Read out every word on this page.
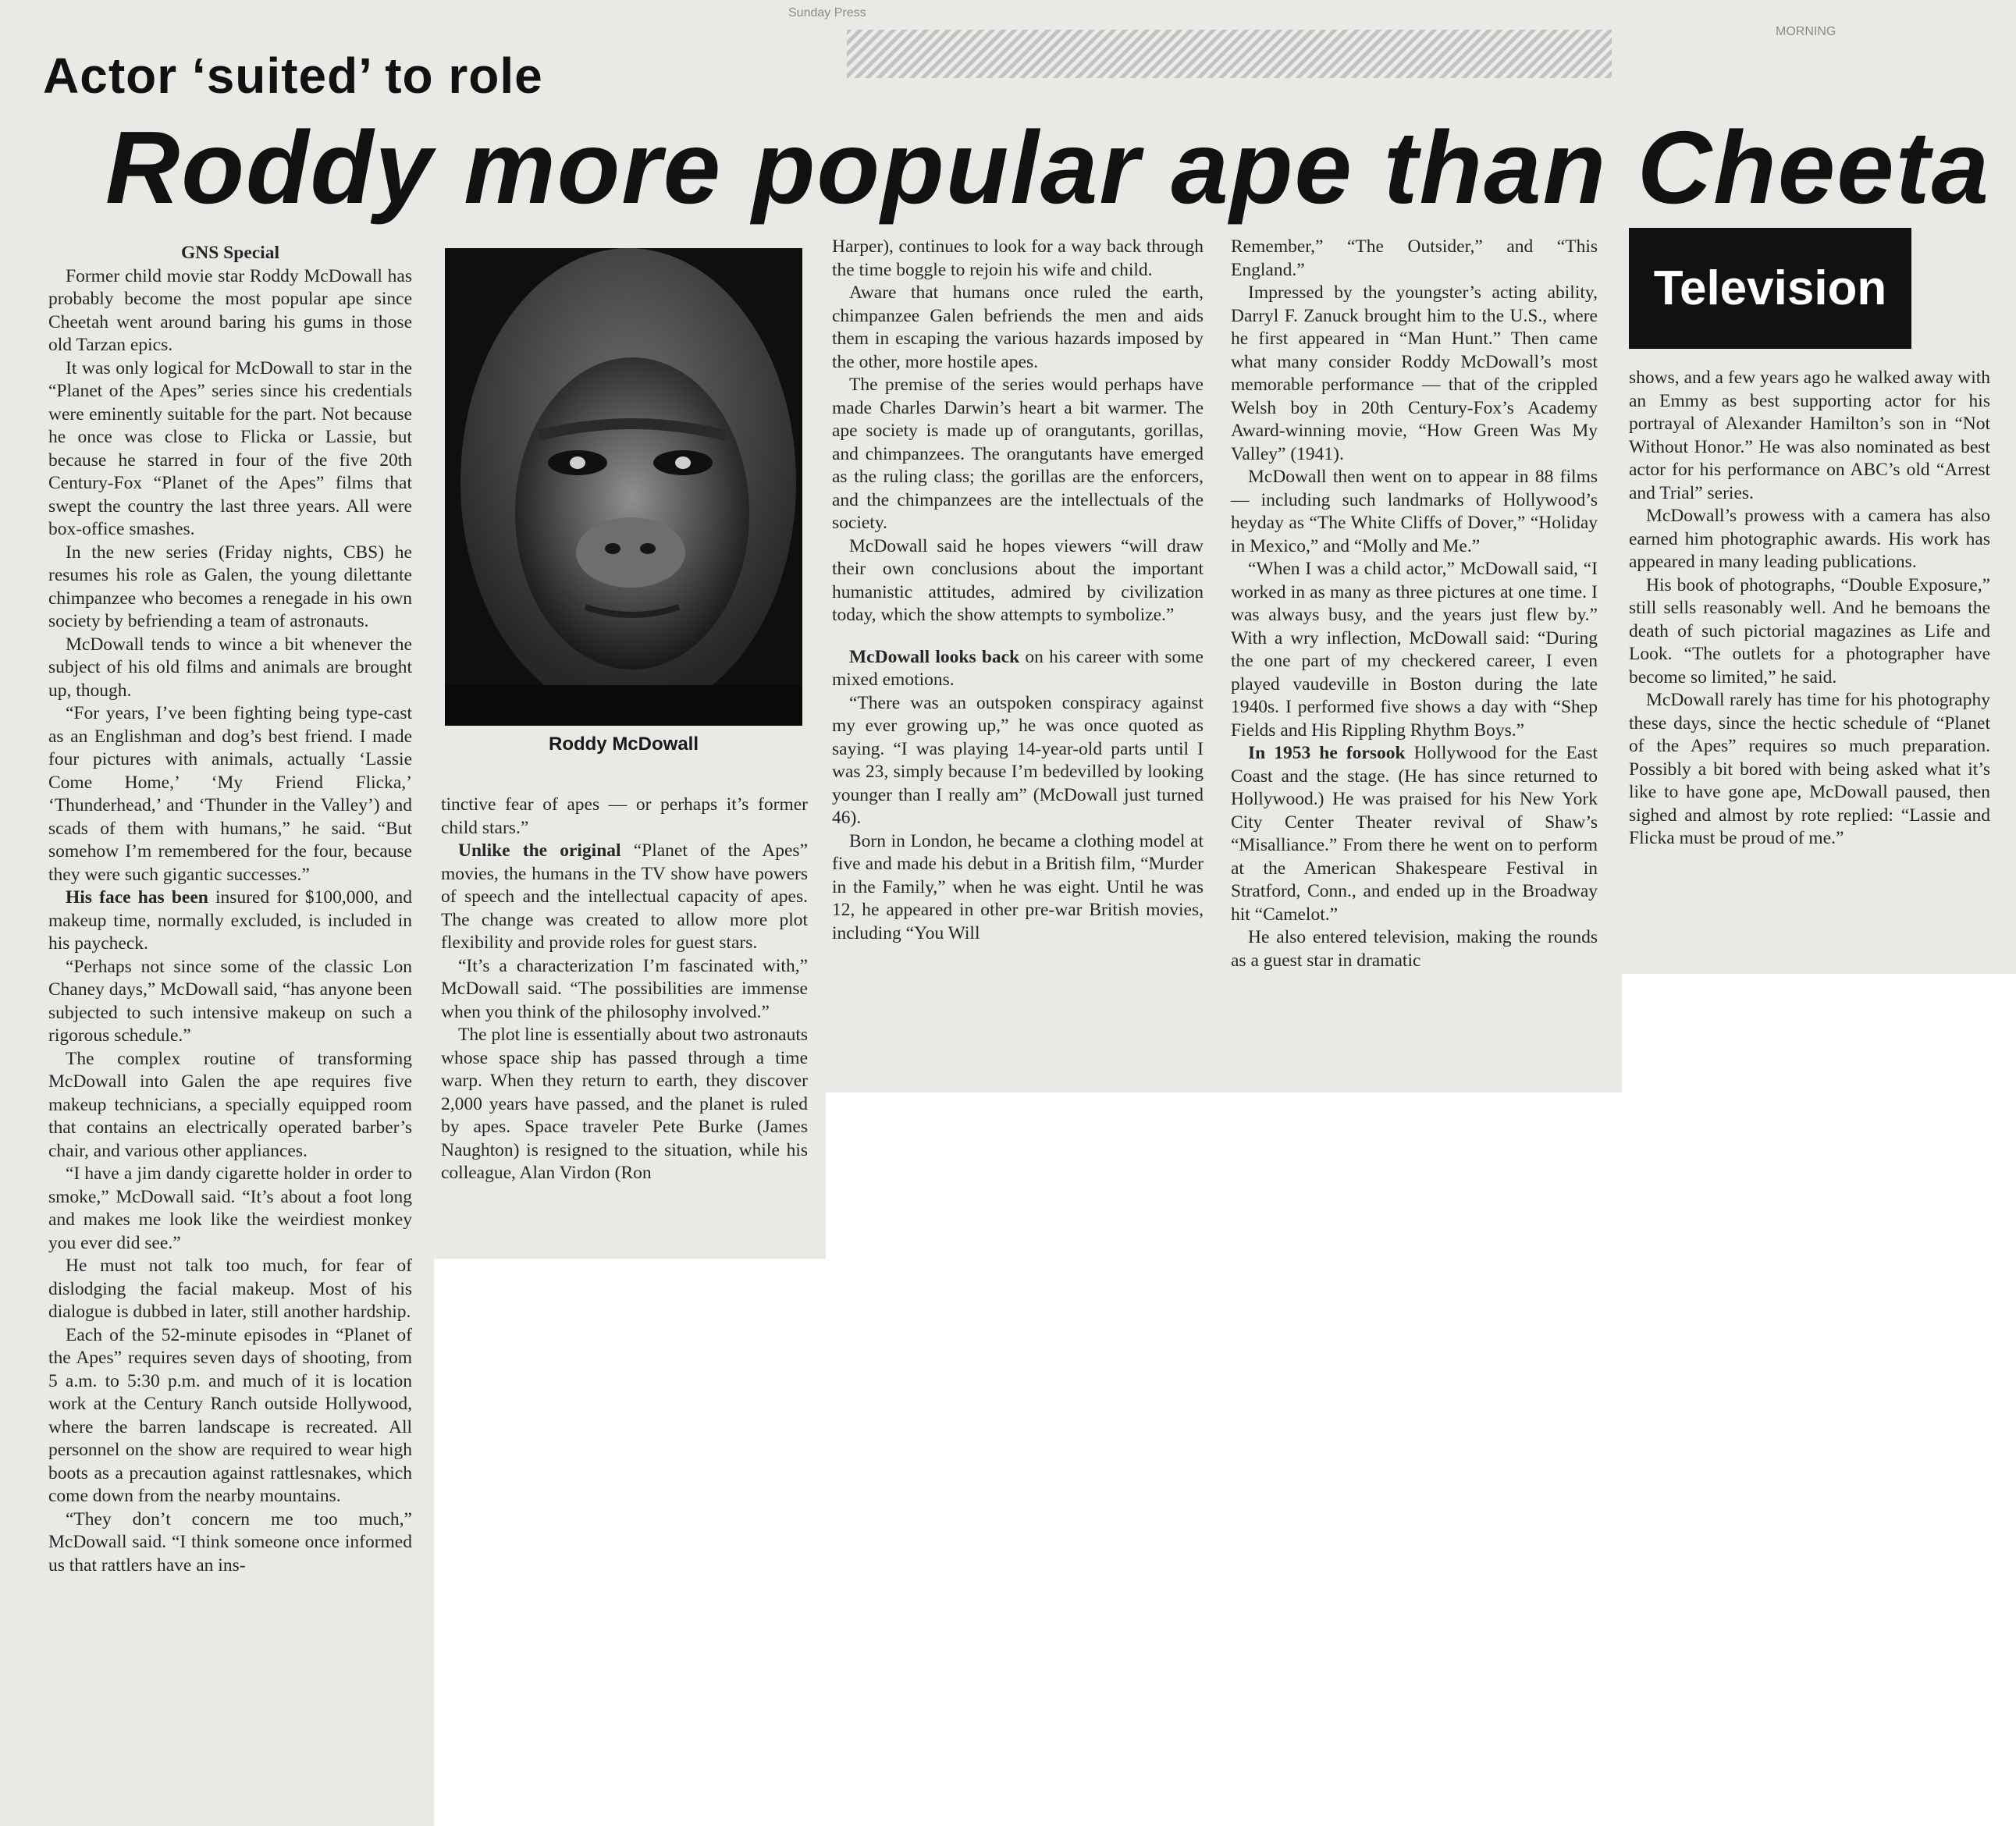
Sunday Press
MORNING
Actor ‘suited’ to role
Roddy more popular ape than Cheeta

GNS Special

Former child movie star Roddy McDowall has probably become the most popular ape since Cheetah went around baring his gums in those old Tarzan epics.

It was only logical for McDowall to star in the “Planet of the Apes” series since his credentials were eminently suitable for the part. Not because he once was close to Flicka or Lassie, but because he starred in four of the five 20th Century-Fox “Planet of the Apes” films that swept the country the last three years. All were box-office smashes.

In the new series (Friday nights, CBS) he resumes his role as Galen, the young dilettante chimpanzee who becomes a renegade in his own society by befriending a team of astronauts.

McDowall tends to wince a bit whenever the subject of his old films and animals are brought up, though.

“For years, I’ve been fighting being type-cast as an Englishman and dog’s best friend. I made four pictures with animals, actually ‘Lassie Come Home,’ ‘My Friend Flicka,’ ‘Thunderhead,’ and ‘Thunder in the Valley’) and scads of them with humans,” he said. “But somehow I’m remembered for the four, because they were such gigantic successes.”

His face has been insured for $100,000, and makeup time, normally excluded, is included in his paycheck.

“Perhaps not since some of the classic Lon Chaney days,” McDowall said, “has anyone been subjected to such intensive makeup on such a rigorous schedule.”

The complex routine of transforming McDowall into Galen the ape requires five makeup technicians, a specially equipped room that contains an electrically operated barber’s chair, and various other appliances.

“I have a jim dandy cigarette holder in order to smoke,” McDowall said. “It’s about a foot long and makes me look like the weirdiest monkey you ever did see.”

He must not talk too much, for fear of dislodging the facial makeup. Most of his dialogue is dubbed in later, still another hardship.

Each of the 52-minute episodes in “Planet of the Apes” requires seven days of shooting, from 5 a.m. to 5:30 p.m. and much of it is location work at the Century Ranch outside Hollywood, where the barren landscape is recreated. All personnel on the show are required to wear high boots as a precaution against rattlesnakes, which come down from the nearby mountains.

“They don’t concern me too much,” McDowall said. “I think someone once informed us that rattlers have an ins-

Roddy McDowall

tinctive fear of apes — or perhaps it’s former child stars.”

Unlike the original “Planet of the Apes” movies, the humans in the TV show have powers of speech and the intellectual capacity of apes. The change was created to allow more plot flexibility and provide roles for guest stars.

“It’s a characterization I’m fascinated with,” McDowall said. “The possibilities are immense when you think of the philosophy involved.”

The plot line is essentially about two astronauts whose space ship has passed through a time warp. When they return to earth, they discover 2,000 years have passed, and the planet is ruled by apes. Space traveler Pete Burke (James Naughton) is resigned to the situation, while his colleague, Alan Virdon (Ron

Harper), continues to look for a way back through the time boggle to rejoin his wife and child.

Aware that humans once ruled the earth, chimpanzee Galen befriends the men and aids them in escaping the various hazards imposed by the other, more hostile apes.

The premise of the series would perhaps have made Charles Darwin’s heart a bit warmer. The ape society is made up of orangutants, gorillas, and chimpanzees. The orangutants have emerged as the ruling class; the gorillas are the enforcers, and the chimpanzees are the intellectuals of the society.

McDowall said he hopes viewers “will draw their own conclusions about the important humanistic attitudes, admired by civilization today, which the show attempts to symbolize.”

McDowall looks back on his career with some mixed emotions.

“There was an outspoken conspiracy against my ever growing up,” he was once quoted as saying. “I was playing 14-year-old parts until I was 23, simply because I’m bedevilled by looking younger than I really am” (McDowall just turned 46).

Born in London, he became a clothing model at five and made his debut in a British film, “Murder in the Family,” when he was eight. Until he was 12, he appeared in other pre-war British movies, including “You Will

Remember,” “The Outsider,” and “This England.”

Impressed by the youngster’s acting ability, Darryl F. Zanuck brought him to the U.S., where he first appeared in “Man Hunt.” Then came what many consider Roddy McDowall’s most memorable performance — that of the crippled Welsh boy in 20th Century-Fox’s Academy Award-winning movie, “How Green Was My Valley” (1941).

McDowall then went on to appear in 88 films — including such landmarks of Hollywood’s heyday as “The White Cliffs of Dover,” “Holiday in Mexico,” and “Molly and Me.”

“When I was a child actor,” McDowall said, “I worked in as many as three pictures at one time. I was always busy, and the years just flew by.” With a wry inflection, McDowall said: “During the one part of my checkered career, I even played vaudeville in Boston during the late 1940s. I performed five shows a day with “Shep Fields and His Rippling Rhythm Boys.”

In 1953 he forsook Hollywood for the East Coast and the stage. (He has since returned to Hollywood.) He was praised for his New York City Center Theater revival of Shaw’s “Misalliance.” From there he went on to perform at the American Shakespeare Festival in Stratford, Conn., and ended up in the Broadway hit “Camelot.”

He also entered television, making the rounds as a guest star in dramatic

Television

shows, and a few years ago he walked away with an Emmy as best supporting actor for his portrayal of Alexander Hamilton’s son in “Not Without Honor.” He was also nominated as best actor for his performance on ABC’s old “Arrest and Trial” series.

McDowall’s prowess with a camera has also earned him photographic awards. His work has appeared in many leading publications.

His book of photographs, “Double Exposure,” still sells reasonably well. And he bemoans the death of such pictorial magazines as Life and Look. “The outlets for a photographer have become so limited,” he said.

McDowall rarely has time for his photography these days, since the hectic schedule of “Planet of the Apes” requires so much preparation. Possibly a bit bored with being asked what it’s like to have gone ape, McDowall paused, then sighed and almost by rote replied: “Lassie and Flicka must be proud of me.”
